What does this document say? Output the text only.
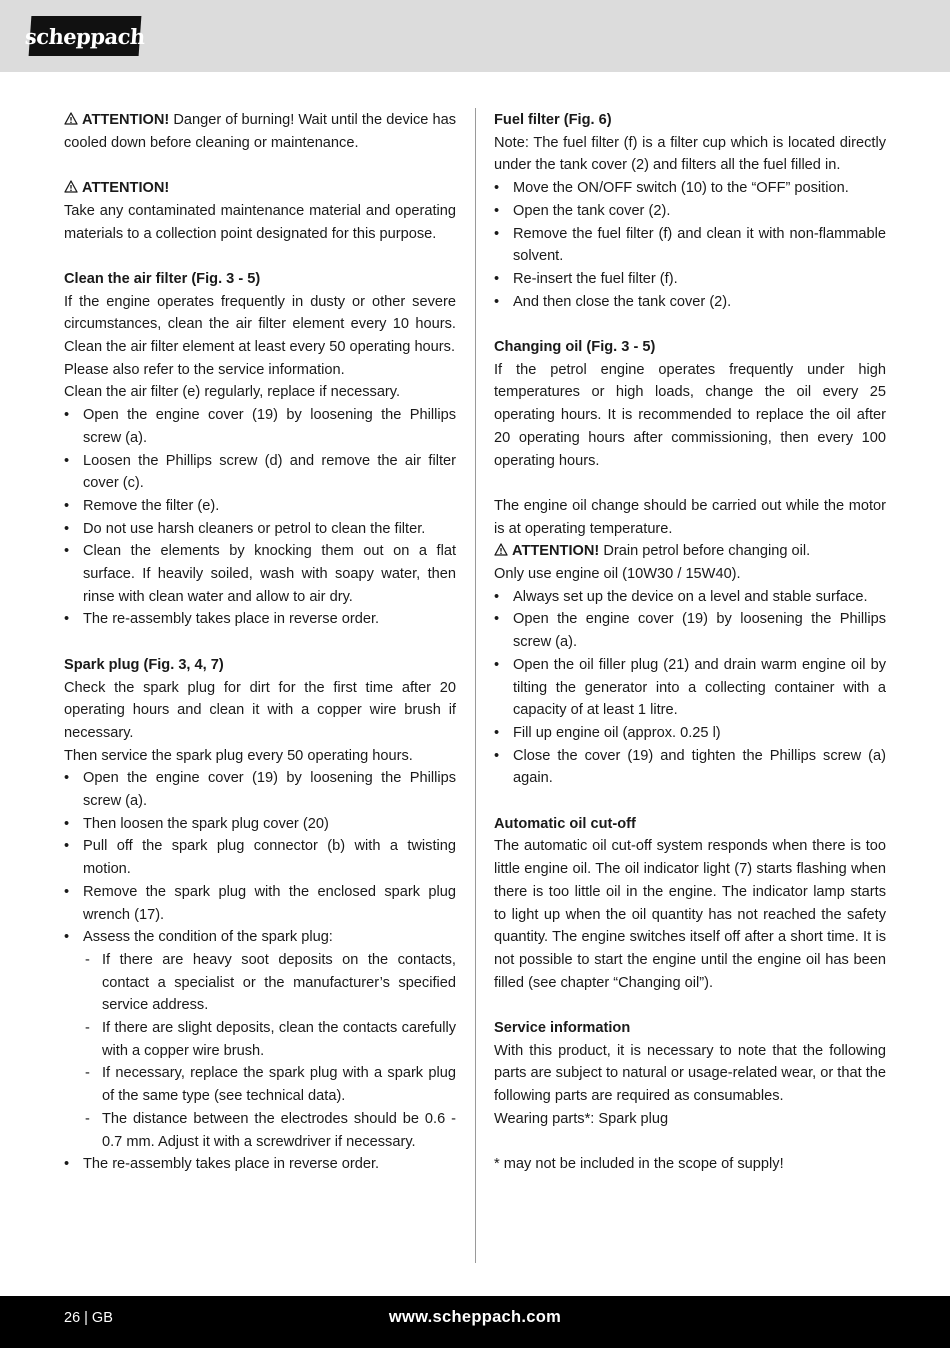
scheppach

ATTENTION! Danger of burning! Wait until the device has cooled down before cleaning or maintenance.

ATTENTION!

Take any contaminated maintenance material and operating materials to a collection point designated for this purpose.

Clean the air filter (Fig. 3 - 5)

If the engine operates frequently in dusty or other severe circumstances, clean the air filter element every 10 hours. Clean the air filter element at least every 50 operating hours.

Please also refer to the service information.

Clean the air filter (e) regularly, replace if necessary.

• Open the engine cover (19) by loosening the Phillips screw (a).
• Loosen the Phillips screw (d) and remove the air filter cover (c).
• Remove the filter (e).
• Do not use harsh cleaners or petrol to clean the filter.
• Clean the elements by knocking them out on a flat surface. If heavily soiled, wash with soapy water, then rinse with clean water and allow to air dry.
• The re-assembly takes place in reverse order.

Spark plug (Fig. 3, 4, 7)

Check the spark plug for dirt for the first time after 20 operating hours and clean it with a copper wire brush if necessary.

Then service the spark plug every 50 operating hours.

• Open the engine cover (19) by loosening the Phillips screw (a).
• Then loosen the spark plug cover (20)
• Pull off the spark plug connector (b) with a twisting motion.
• Remove the spark plug with the enclosed spark plug wrench (17).
• Assess the condition of the spark plug:
- If there are heavy soot deposits on the contacts, contact a specialist or the manufacturer’s specified service address.
- If there are slight deposits, clean the contacts carefully with a copper wire brush.
- If necessary, replace the spark plug with a spark plug of the same type (see technical data).
- The distance between the electrodes should be 0.6 - 0.7 mm. Adjust it with a screwdriver if necessary.
• The re-assembly takes place in reverse order.

Fuel filter (Fig. 6)

Note: The fuel filter (f) is a filter cup which is located directly under the tank cover (2) and filters all the fuel filled in.

• Move the ON/OFF switch (10) to the “OFF” position.
• Open the tank cover (2).
• Remove the fuel filter (f) and clean it with non-flammable solvent.
• Re-insert the fuel filter (f).
• And then close the tank cover (2).

Changing oil (Fig. 3 - 5)

If the petrol engine operates frequently under high temperatures or high loads, change the oil every 25 operating hours. It is recommended to replace the oil after 20 operating hours after commissioning, then every 100 operating hours.

The engine oil change should be carried out while the motor is at operating temperature.

ATTENTION! Drain petrol before changing oil.

Only use engine oil (10W30 / 15W40).

• Always set up the device on a level and stable surface.
• Open the engine cover (19) by loosening the Phillips screw (a).
• Open the oil filler plug (21) and drain warm engine oil by tilting the generator into a collecting container with a capacity of at least 1 litre.
• Fill up engine oil (approx. 0.25 l)
• Close the cover (19) and tighten the Phillips screw (a) again.

Automatic oil cut-off

The automatic oil cut-off system responds when there is too little engine oil. The oil indicator light (7) starts flashing when there is too little oil in the engine. The indicator lamp starts to light up when the oil quantity has not reached the safety quantity. The engine switches itself off after a short time. It is not possible to start the engine until the engine oil has been filled (see chapter “Changing oil”).

Service information

With this product, it is necessary to note that the following parts are subject to natural or usage-related wear, or that the following parts are required as consumables.

Wearing parts*: Spark plug

* may not be included in the scope of supply!

26 | GB	www.scheppach.com
